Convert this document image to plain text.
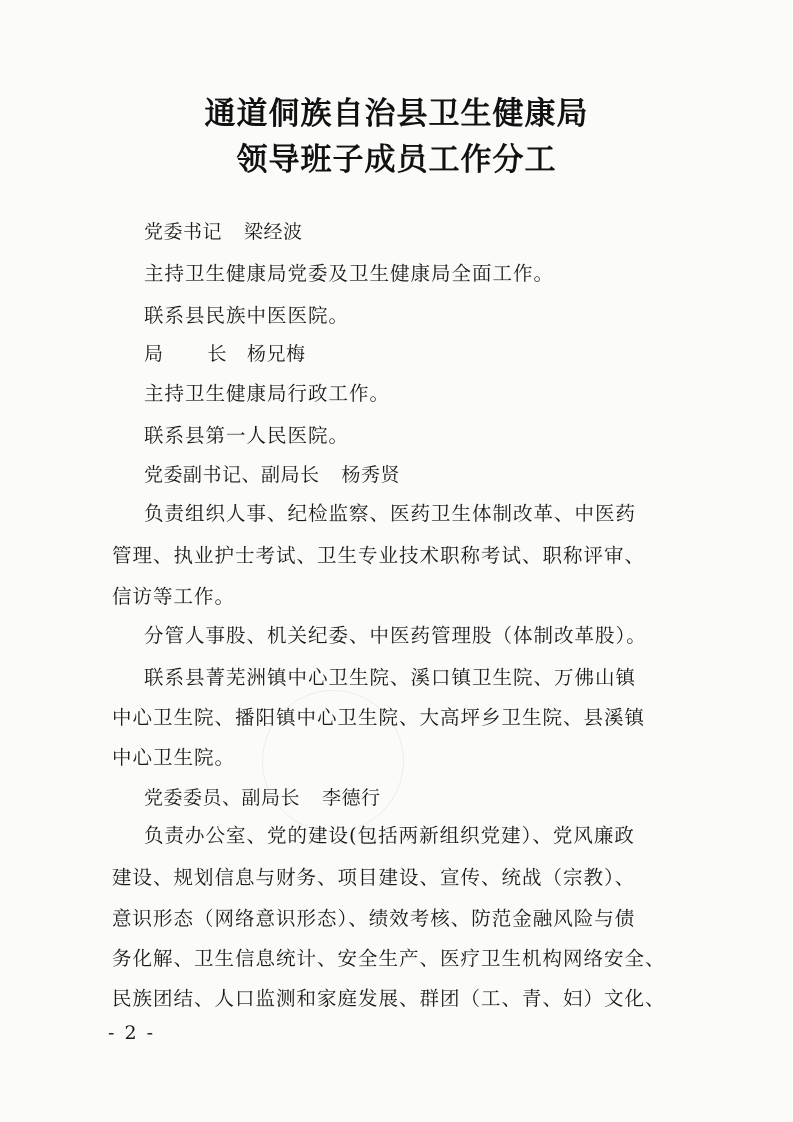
通道侗族自治县卫生健康局
领导班子成员工作分工
党委书记 梁经波
主持卫生健康局党委及卫生健康局全面工作。
联系县民族中医医院。
局 长 杨兄梅
主持卫生健康局行政工作。
联系县第一人民医院。
党委副书记、副局长 杨秀贤
负责组织人事、纪检监察、医药卫生体制改革、中医药
管理、执业护士考试、卫生专业技术职称考试、职称评审、
信访等工作。
分管人事股、机关纪委、中医药管理股（体制改革股）。
联系县菁芜洲镇中心卫生院、溪口镇卫生院、万佛山镇
中心卫生院、播阳镇中心卫生院、大高坪乡卫生院、县溪镇
中心卫生院。
党委委员、副局长 李德行
负责办公室、党的建设(包括两新组织党建）、党风廉政
建设、规划信息与财务、项目建设、宣传、统战（宗教）、
意识形态（网络意识形态）、绩效考核、防范金融风险与债
务化解、卫生信息统计、安全生产、医疗卫生机构网络安全、
民族团结、人口监测和家庭发展、群团（工、青、妇）文化、
- 2 -
